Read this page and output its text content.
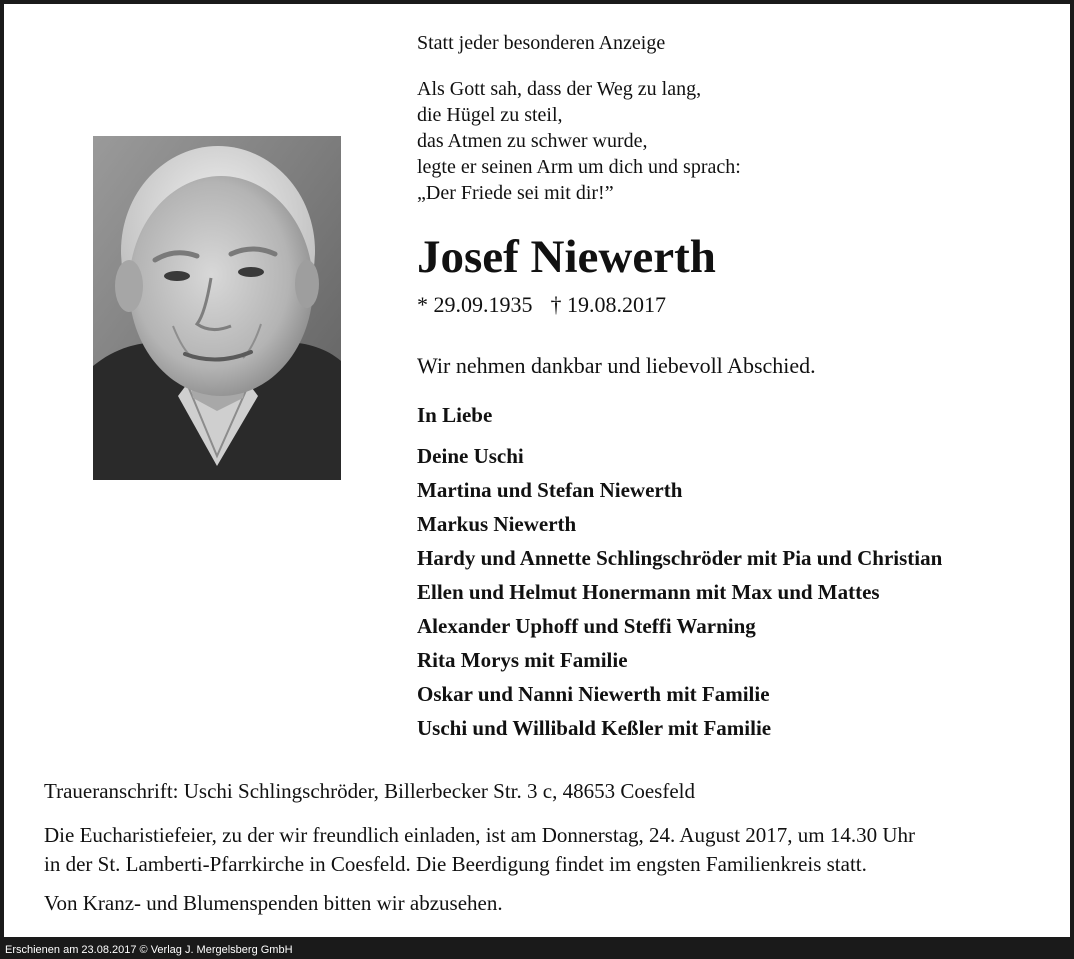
Statt jeder besonderen Anzeige
Als Gott sah, dass der Weg zu lang,
die Hügel zu steil,
das Atmen zu schwer wurde,
legte er seinen Arm um dich und sprach:
„Der Friede sei mit dir!”
Josef Niewerth
* 29.09.1935 † 19.08.2017
Wir nehmen dankbar und liebevoll Abschied.
In Liebe
Deine Uschi
Martina und Stefan Niewerth
Markus Niewerth
Hardy und Annette Schlingschröder mit Pia und Christian
Ellen und Helmut Honermann mit Max und Mattes
Alexander Uphoff und Steffi Warning
Rita Morys mit Familie
Oskar und Nanni Niewerth mit Familie
Uschi und Willibald Keßler mit Familie
Traueranschrift: Uschi Schlingschröder, Billerbecker Str. 3 c, 48653 Coesfeld
Die Eucharistiefeier, zu der wir freundlich einladen, ist am Donnerstag, 24. August 2017, um 14.30 Uhr
in der St. Lamberti-Pfarrkirche in Coesfeld. Die Beerdigung findet im engsten Familienkreis statt.
Von Kranz- und Blumenspenden bitten wir abzusehen.
Erschienen am 23.08.2017 © Verlag J. Mergelsberg GmbH
